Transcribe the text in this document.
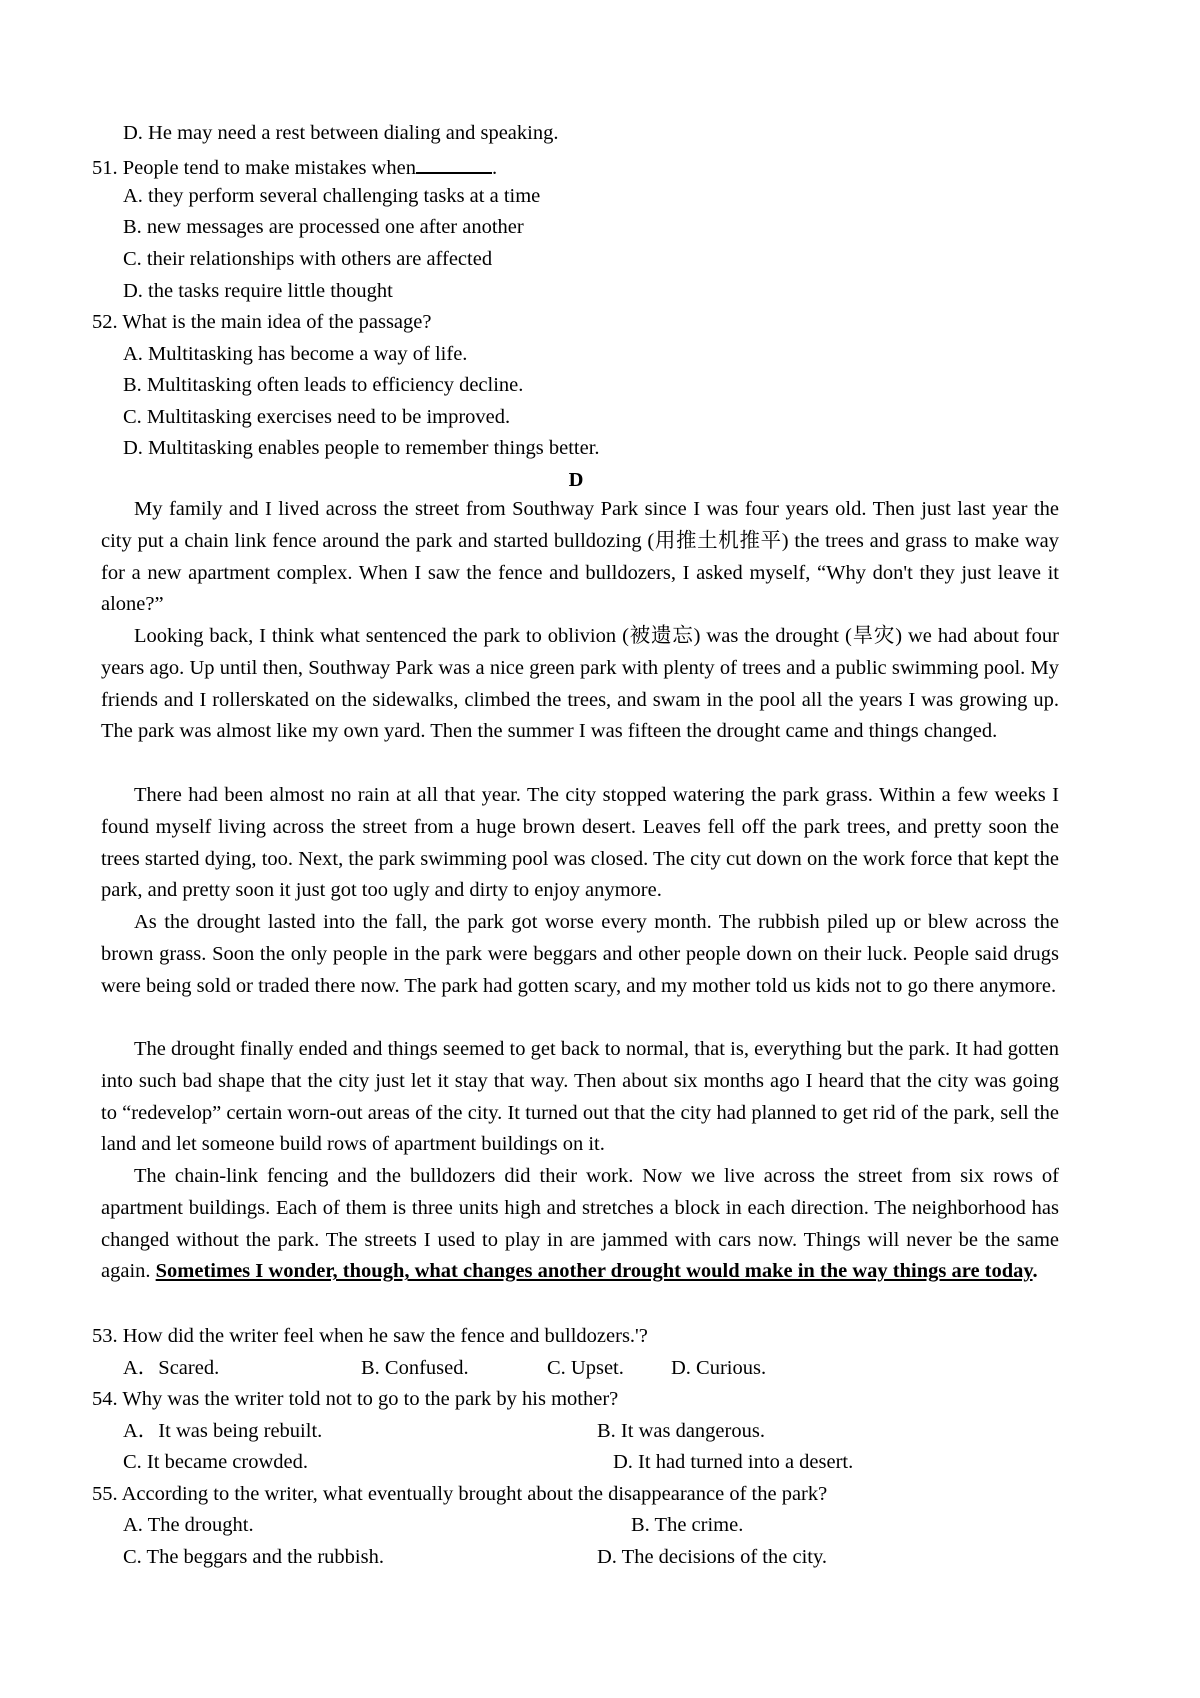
D. He may need a rest between dialing and speaking.
51. People tend to make mistakes when	.
A. they perform several challenging tasks at a time
B. new messages are processed one after another
C. their relationships with others are affected
D. the tasks require little thought
52. What is the main idea of the passage?
A. Multitasking has become a way of life.
B. Multitasking often leads to efficiency decline.
C. Multitasking exercises need to be improved.
D. Multitasking enables people to remember things better.
D
My family and I lived across the street from Southway Park since I was four years old. Then just last year the city put a chain link fence around the park and started bulldozing (用推土机推平) the trees and grass to make way for a new apartment complex. When I saw the fence and bulldozers, I asked myself, “Why don't they just leave it alone?”
Looking back, I think what sentenced the park to oblivion (被遗忘) was the drought (旱灾) we had about four years ago. Up until then, Southway Park was a nice green park with plenty of trees and a public swimming pool. My friends and I rollerskated on the sidewalks, climbed the trees, and swam in the pool all the years I was growing up. The park was almost like my own yard. Then the summer I was fifteen the drought came and things changed.
There had been almost no rain at all that year. The city stopped watering the park grass. Within a few weeks I found myself living across the street from a huge brown desert. Leaves fell off the park trees, and pretty soon the trees started dying, too. Next, the park swimming pool was closed. The city cut down on the work force that kept the park, and pretty soon it just got too ugly and dirty to enjoy anymore.
As the drought lasted into the fall, the park got worse every month. The rubbish piled up or blew across the brown grass. Soon the only people in the park were beggars and other people down on their luck. People said drugs were being sold or traded there now. The park had gotten scary, and my mother told us kids not to go there anymore.
The drought finally ended and things seemed to get back to normal, that is, everything but the park. It had gotten into such bad shape that the city just let it stay that way. Then about six months ago I heard that the city was going to “redevelop” certain worn-out areas of the city. It turned out that the city had planned to get rid of the park, sell the land and let someone build rows of apartment buildings on it.
The chain-link fencing and the bulldozers did their work. Now we live across the street from six rows of apartment buildings. Each of them is three units high and stretches a block in each direction. The neighborhood has changed without the park. The streets I used to play in are jammed with cars now. Things will never be the same again. Sometimes I wonder, though, what changes another drought would make in the way things are today.
53. How did the writer feel when he saw the fence and bulldozers.'?
A．Scared.	B. Confused.	C. Upset. D. Curious.
54. Why was the writer told not to go to the park by his mother?
A．It was being rebuilt.	B. It was dangerous.
C. It became crowded.	D. It had turned into a desert.
55. According to the writer, what eventually brought about the disappearance of the park?
A. The drought.	B. The crime.
C. The beggars and the rubbish.	D. The decisions of the city.
